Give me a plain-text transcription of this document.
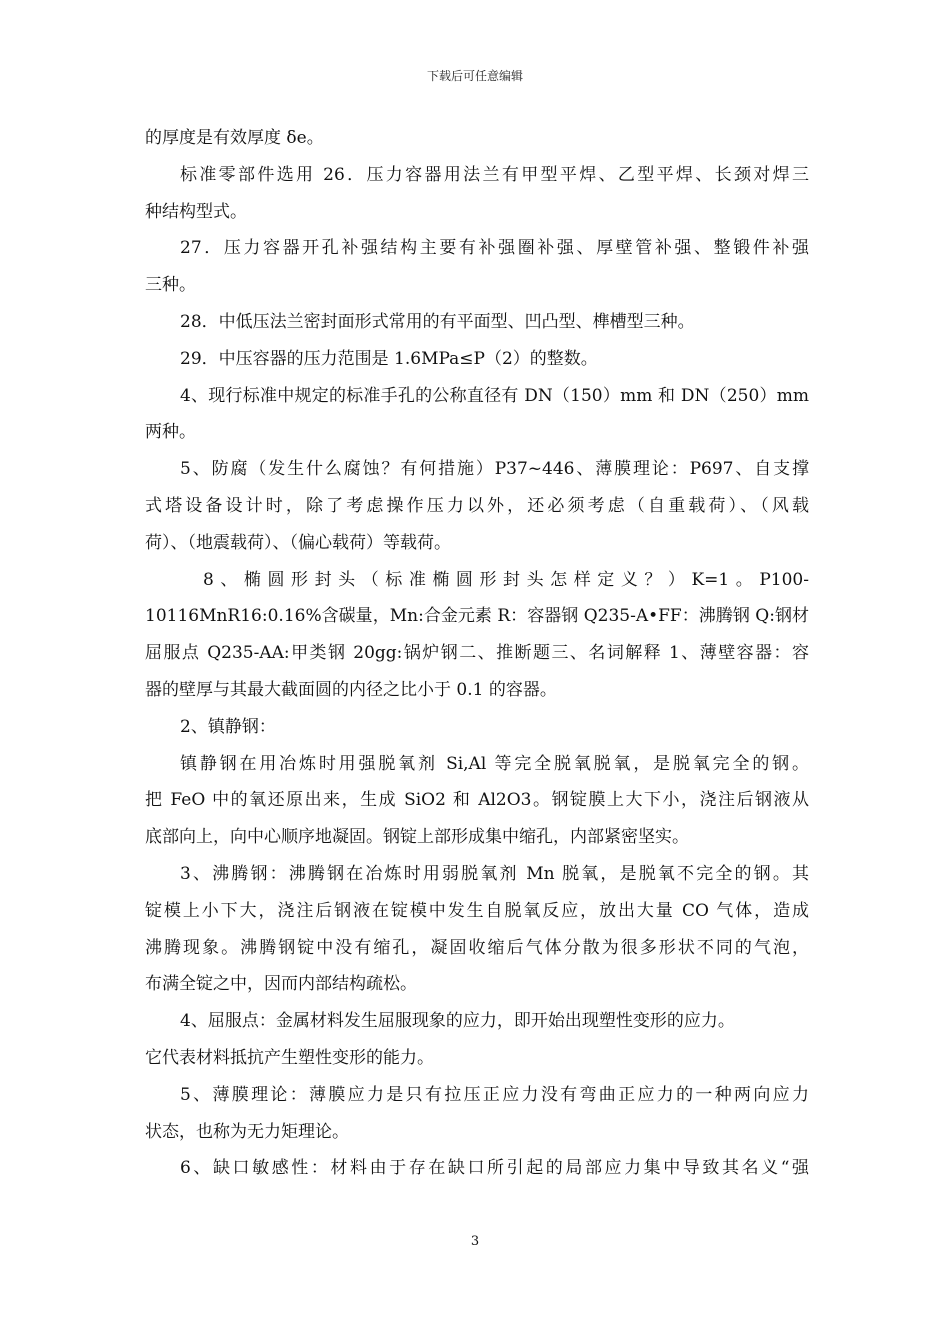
下载后可任意编辑
的厚度是有效厚度 δe。
标准零部件选用 26．压力容器用法兰有甲型平焊、乙型平焊、长颈对焊三
种结构型式。
27．压力容器开孔补强结构主要有补强圈补强、厚壁管补强、整锻件补强
三种。
28．中低压法兰密封面形式常用的有平面型、凹凸型、榫槽型三种。
29．中压容器的压力范围是 1.6MPa≤P（2）的整数。
4、现行标准中规定的标准手孔的公称直径有 DN（150）mm 和 DN（250）mm
两种。
5、防腐（发生什么腐蚀？有何措施）P37~446、薄膜理论：P697、自支撑
式塔设备设计时，除了考虑操作压力以外，还必须考虑（自重载荷）、（风载
荷）、（地震载荷）、（偏心载荷）等载荷。
8、椭圆形封头（标准椭圆形封头怎样定义？）K=1。P100-
10116MnR16:0.16%含碳量，Mn:合金元素 R：容器钢 Q235-A•FF：沸腾钢 Q:钢材
屈服点 Q235-AA:甲类钢 20gg:锅炉钢二、推断题三、名词解释 1、薄壁容器：容
器的壁厚与其最大截面圆的内径之比小于 0.1 的容器。
2、镇静钢：
镇静钢在用冶炼时用强脱氧剂 Si,Al 等完全脱氧脱氧，是脱氧完全的钢。
把 FeO 中的氧还原出来，生成 SiO2 和 Al2O3。钢锭膜上大下小，浇注后钢液从
底部向上，向中心顺序地凝固。钢锭上部形成集中缩孔，内部紧密坚实。
3、沸腾钢：沸腾钢在冶炼时用弱脱氧剂 Mn 脱氧，是脱氧不完全的钢。其
锭模上小下大，浇注后钢液在锭模中发生自脱氧反应，放出大量 CO 气体，造成
沸腾现象。沸腾钢锭中没有缩孔，凝固收缩后气体分散为很多形状不同的气泡，
布满全锭之中，因而内部结构疏松。
4、屈服点：金属材料发生屈服现象的应力，即开始出现塑性变形的应力。
它代表材料抵抗产生塑性变形的能力。
5、薄膜理论：薄膜应力是只有拉压正应力没有弯曲正应力的一种两向应力
状态，也称为无力矩理论。
6、缺口敏感性：材料由于存在缺口所引起的局部应力集中导致其名义“强
3
